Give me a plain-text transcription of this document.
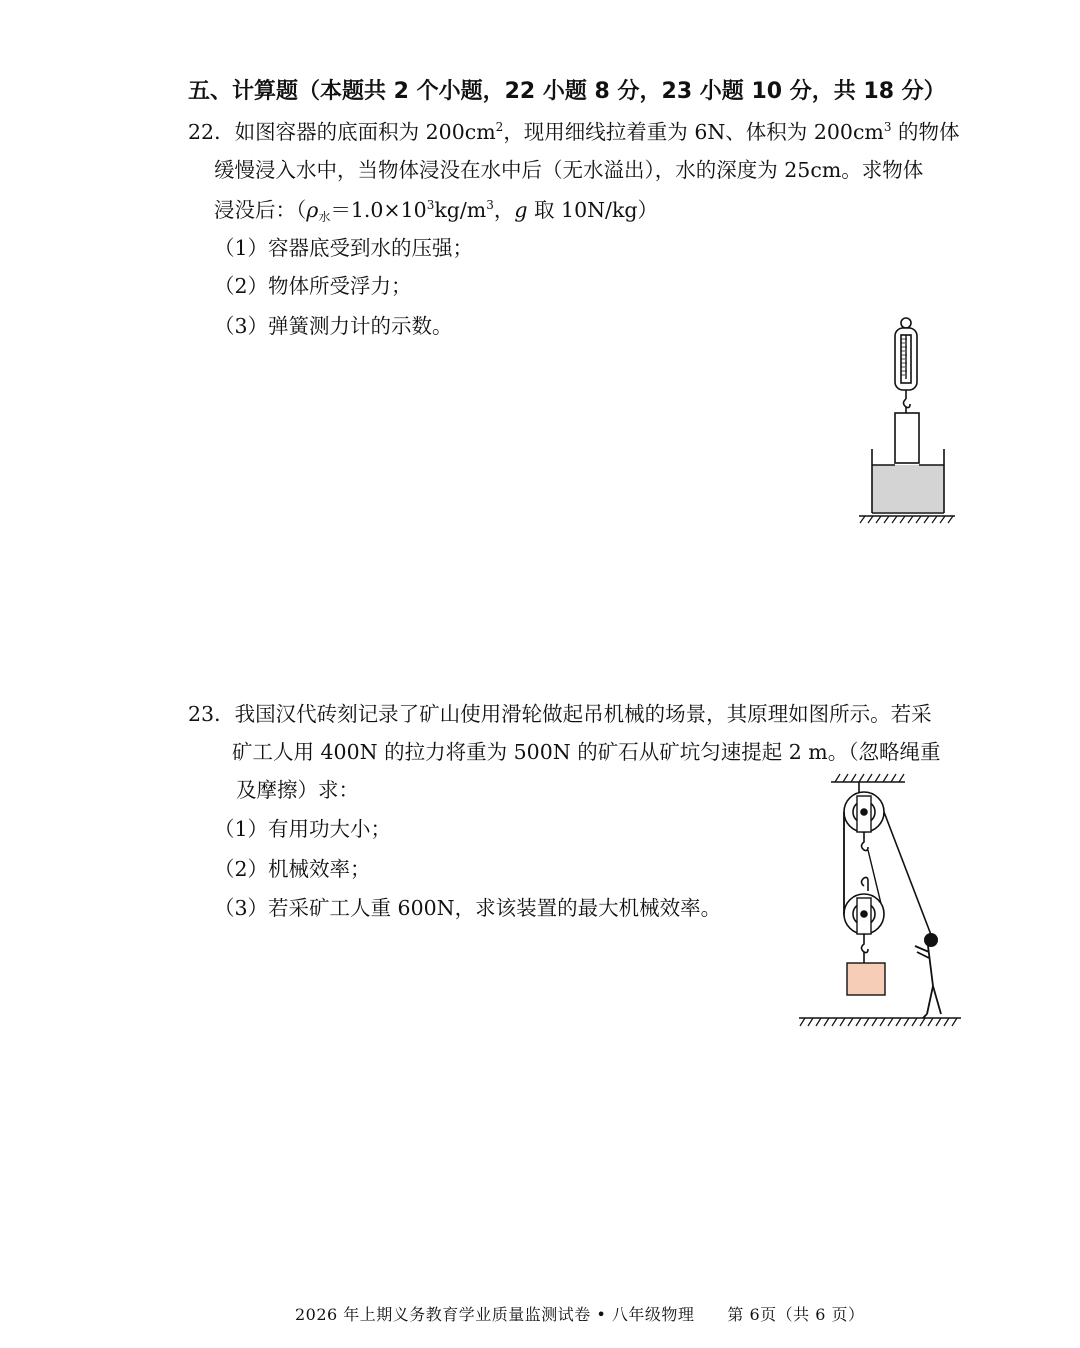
五、计算题（本题共 2 个小题，22 小题 8 分，23 小题 10 分，共 18 分）
22．如图容器的底面积为 $200cm^2$，现用细线拉着重为 6N、体积为 $200cm^3$ 的物体
缓慢浸入水中，当物体浸没在水中后（无水溢出），水的深度为 25cm。求物体
浸没后：（$\rho_水=1.0\times 10^3kg/m^3$，g 取 10N/kg）
（1）容器底受到水的压强；
（2）物体所受浮力；
（3）弹簧测力计的示数。
23．我国汉代砖刻记录了矿山使用滑轮做起吊机械的场景，其原理如图所示。若采
矿工人用 400N 的拉力将重为 500N 的矿石从矿坑匀速提起 2 m。（忽略绳重
及摩擦）求：
（1）有用功大小；
（2）机械效率；
（3）若采矿工人重 600N，求该装置的最大机械效率。
2026 年上期义务教育学业质量监测试卷 • 八年级物理　　第 6页（共 6 页）
